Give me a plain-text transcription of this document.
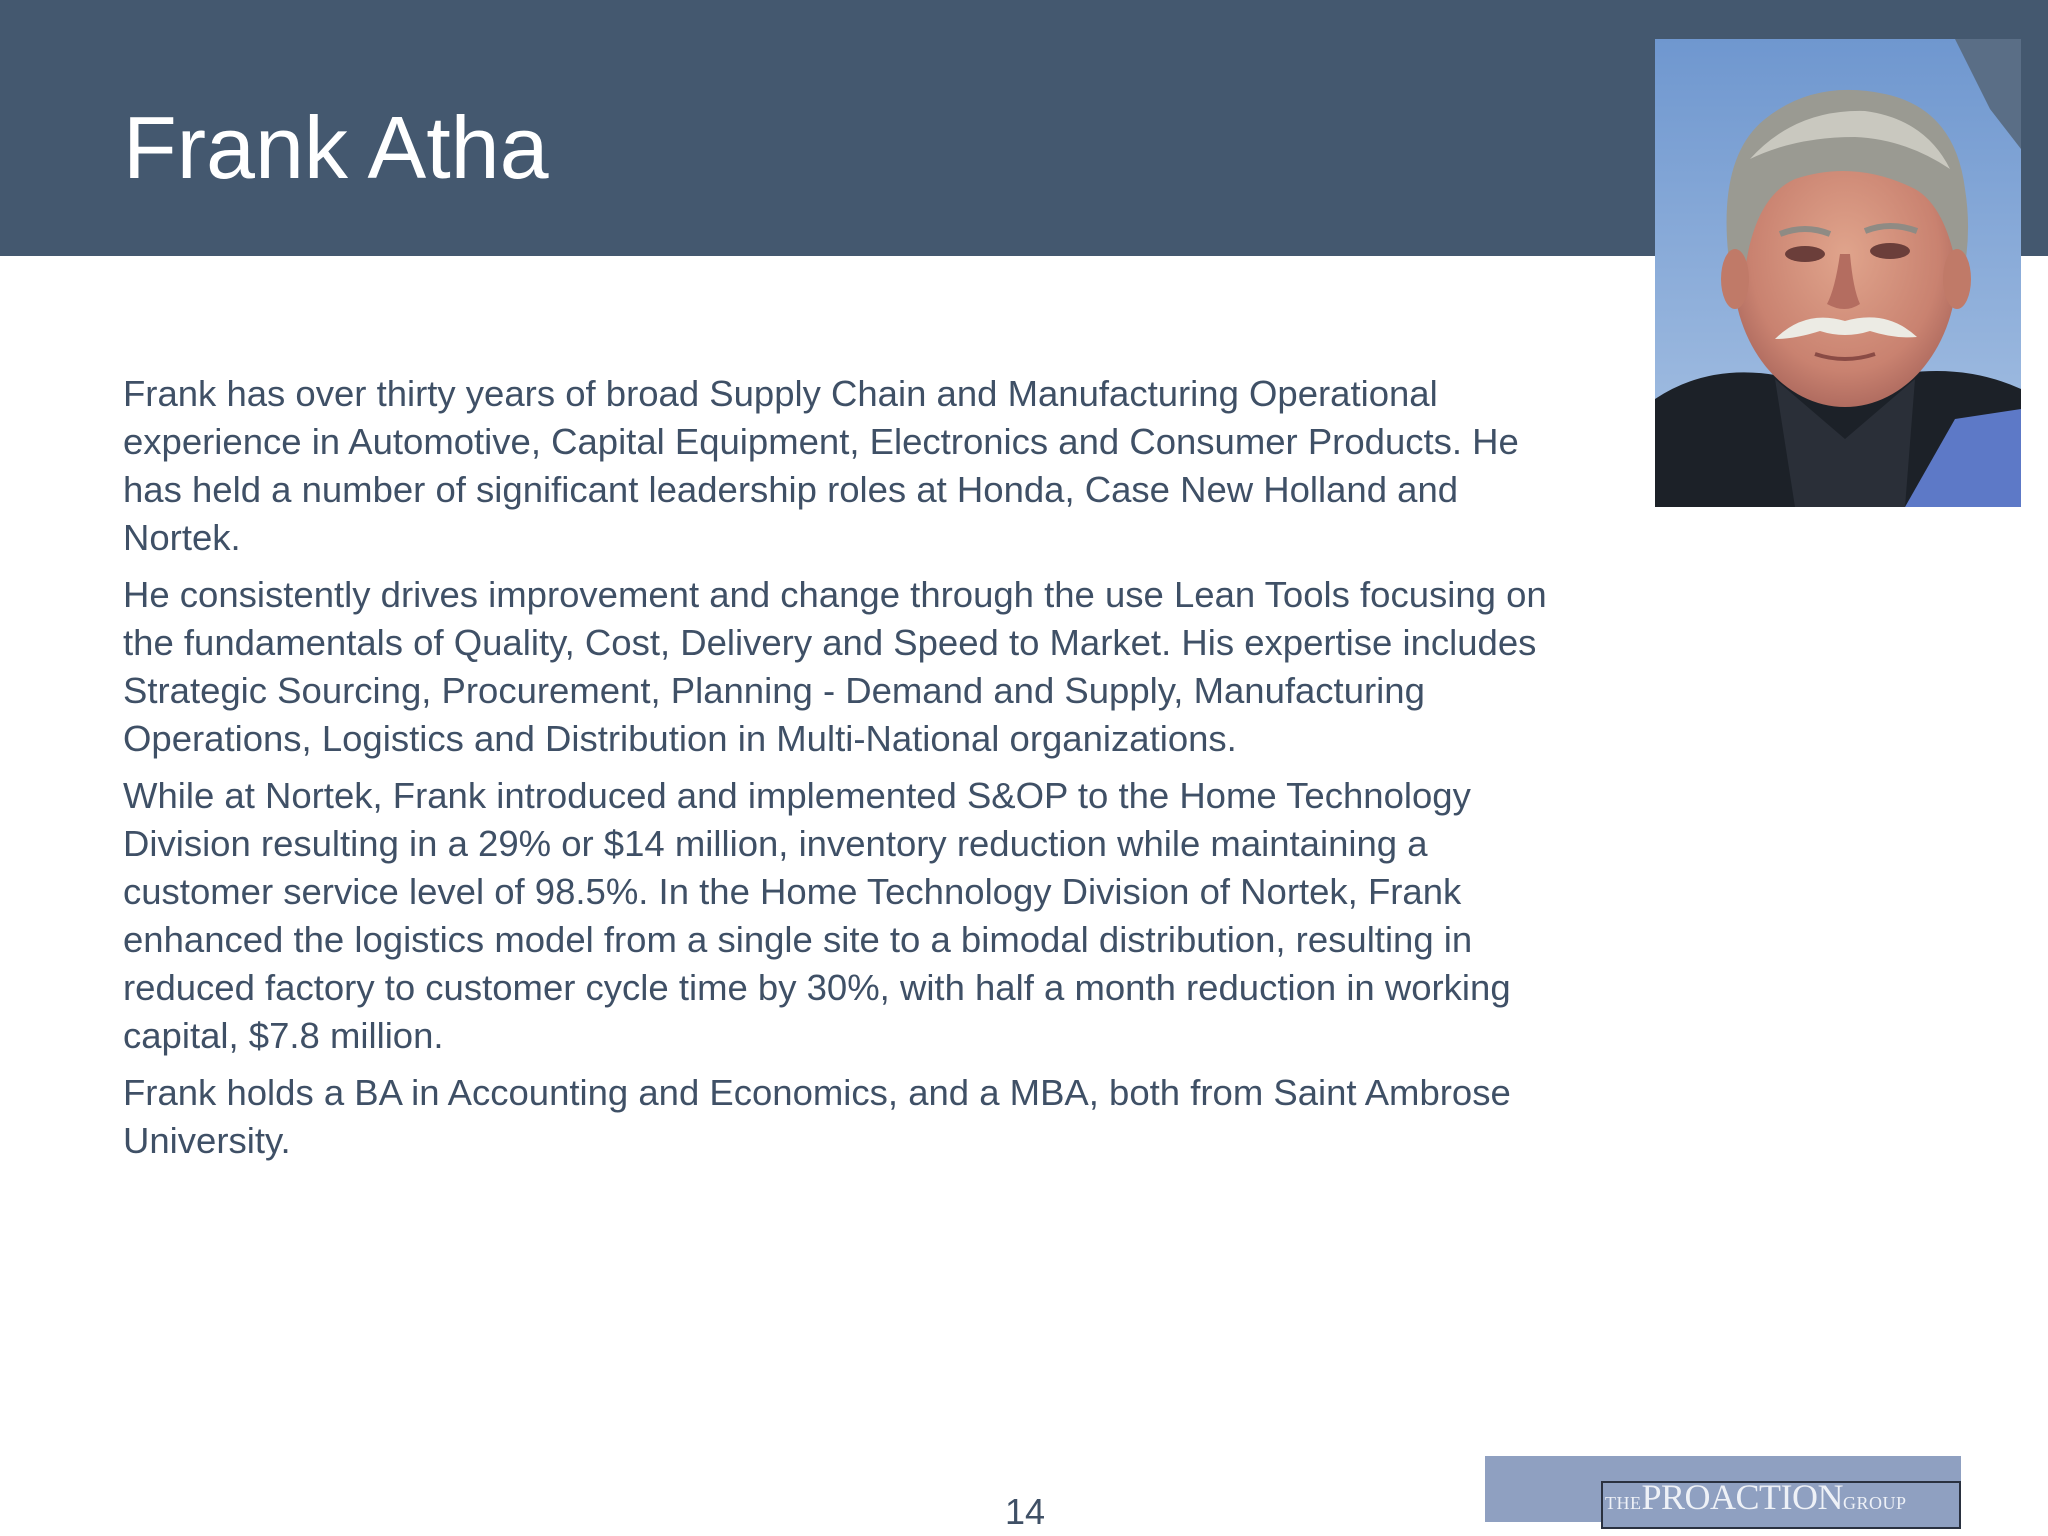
Frank Atha

Frank has over thirty years of broad Supply Chain and Manufacturing Operational experience in Automotive, Capital Equipment, Electronics and Consumer Products. He has held a number of significant leadership roles at Honda, Case New Holland and Nortek.

He consistently drives improvement and change through the use Lean Tools focusing on the fundamentals of Quality, Cost, Delivery and Speed to Market. His expertise includes Strategic Sourcing, Procurement, Planning - Demand and Supply, Manufacturing Operations, Logistics and Distribution in Multi-National organizations.

While at Nortek, Frank introduced and implemented S&OP to the Home Technology Division resulting in a 29% or $14 million, inventory reduction while maintaining a customer service level of 98.5%. In the Home Technology Division of Nortek, Frank enhanced the logistics model from a single site to a bimodal distribution, resulting in reduced factory to customer cycle time by 30%, with half a month reduction in working capital, $7.8 million.

Frank holds a BA in Accounting and Economics, and a MBA, both from Saint Ambrose University.

14	THEPROACTIONGROUP
